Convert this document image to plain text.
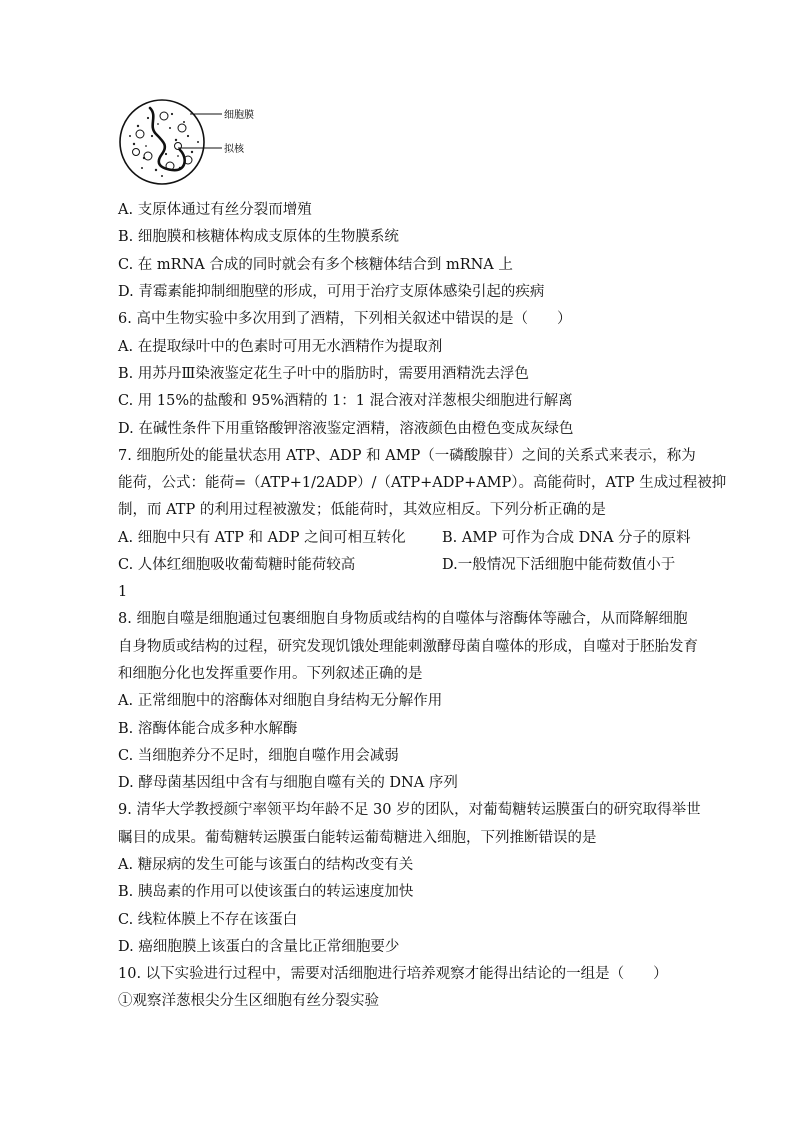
细胞膜
拟核
A. 支原体通过有丝分裂而增殖
B. 细胞膜和核糖体构成支原体的生物膜系统
C. 在 mRNA 合成的同时就会有多个核糖体结合到 mRNA 上
D. 青霉素能抑制细胞壁的形成，可用于治疗支原体感染引起的疾病
6. 高中生物实验中多次用到了酒精，下列相关叙述中错误的是（　　）
A. 在提取绿叶中的色素时可用无水酒精作为提取剂
B. 用苏丹Ⅲ染液鉴定花生子叶中的脂肪时，需要用酒精洗去浮色
C. 用 15%的盐酸和 95%酒精的 1：1 混合液对洋葱根尖细胞进行解离
D. 在碱性条件下用重铬酸钾溶液鉴定酒精，溶液颜色由橙色变成灰绿色
7. 细胞所处的能量状态用 ATP、ADP 和 AMP（一磷酸腺苷）之间的关系式来表示，称为
能荷，公式：能荷=（ATP+1/2ADP）/（ATP+ADP+AMP）。高能荷时，ATP 生成过程被抑
制，而 ATP 的利用过程被激发；低能荷时，其效应相反。下列分析正确的是
A. 细胞中只有 ATP 和 ADP 之间可相互转化	B. AMP 可作为合成 DNA 分子的原料
C. 人体红细胞吸收葡萄糖时能荷较高	D.一般情况下活细胞中能荷数值小于
1
8. 细胞自噬是细胞通过包裹细胞自身物质或结构的自噬体与溶酶体等融合，从而降解细胞
自身物质或结构的过程，研究发现饥饿处理能刺激酵母菌自噬体的形成，自噬对于胚胎发育
和细胞分化也发挥重要作用。下列叙述正确的是
A. 正常细胞中的溶酶体对细胞自身结构无分解作用
B. 溶酶体能合成多种水解酶
C. 当细胞养分不足时，细胞自噬作用会减弱
D. 酵母菌基因组中含有与细胞自噬有关的 DNA 序列
9. 清华大学教授颜宁率领平均年龄不足 30 岁的团队，对葡萄糖转运膜蛋白的研究取得举世
瞩目的成果。葡萄糖转运膜蛋白能转运葡萄糖进入细胞，下列推断错误的是
A. 糖尿病的发生可能与该蛋白的结构改变有关
B. 胰岛素的作用可以使该蛋白的转运速度加快
C. 线粒体膜上不存在该蛋白
D. 癌细胞膜上该蛋白的含量比正常细胞要少
10. 以下实验进行过程中，需要对活细胞进行培养观察才能得出结论的一组是（　　）
①观察洋葱根尖分生区细胞有丝分裂实验
